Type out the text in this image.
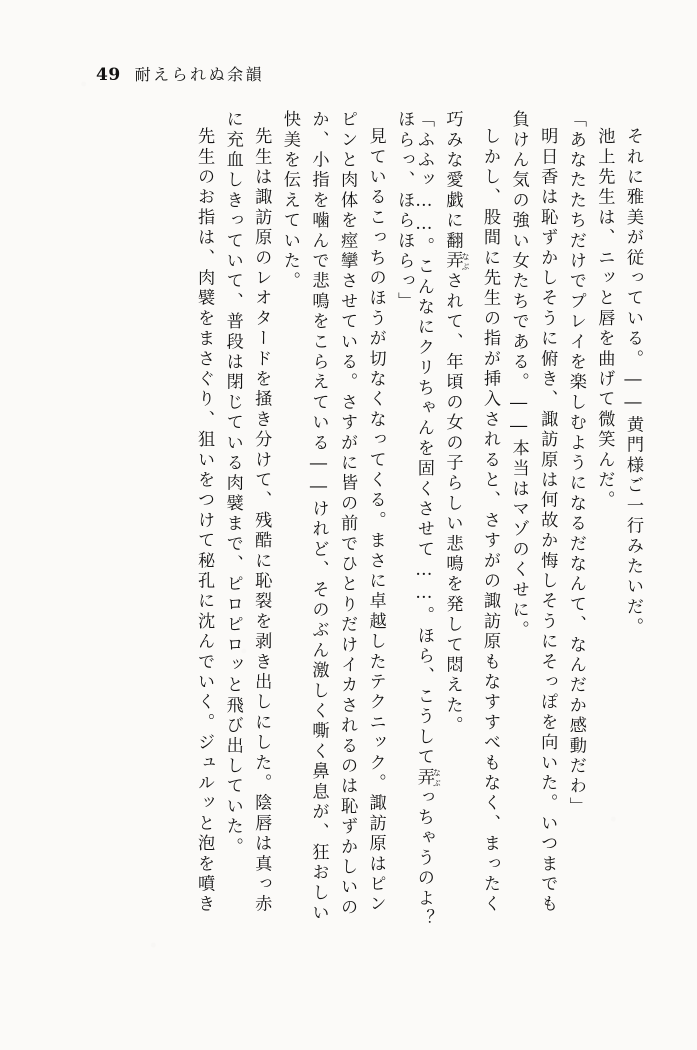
49 耐えられぬ余韻
それに雅美が従っている。――黄門様ご一行みたいだ。
池上先生は、ニッと唇を曲げて微笑んだ。
「あなたたちだけでプレイを楽しむようになるだなんて、なんだか感動だわ」
明日香は恥ずかしそうに俯き、諏訪原は何故か悔しそうにそっぽを向いた。いつまでも
負けん気の強い女たちである。――本当はマゾのくせに。
しかし、股間に先生の指が挿入されると、さすがの諏訪原もなすすべもなく、まったく
巧みな愛戯に翻弄なぶされて、年頃の女の子らしい悲鳴を発して悶えた。
「ふふッ……。こんなにクリちゃんを固くさせて……。ほら、こうして弄なぶっちゃうのよ？
ほらっ、ほらほらっ」
見ているこっちのほうが切なくなってくる。まさに卓越したテクニック。諏訪原はピン
ピンと肉体を痙攣させている。さすがに皆の前でひとりだけイカされるのは恥ずかしいの
か、小指を噛んで悲鳴をこらえている――けれど、そのぶん激しく嘶く鼻息が、狂おしい
快美を伝えていた。
先生は諏訪原のレオタードを掻き分けて、残酷に恥裂を剥き出しにした。陰唇は真っ赤
に充血しきっていて、普段は閉じている肉襞まで、ピロピロッと飛び出していた。
先生のお指は、肉襞をまさぐり、狙いをつけて秘孔に沈んでいく。ジュルッと泡を噴き
